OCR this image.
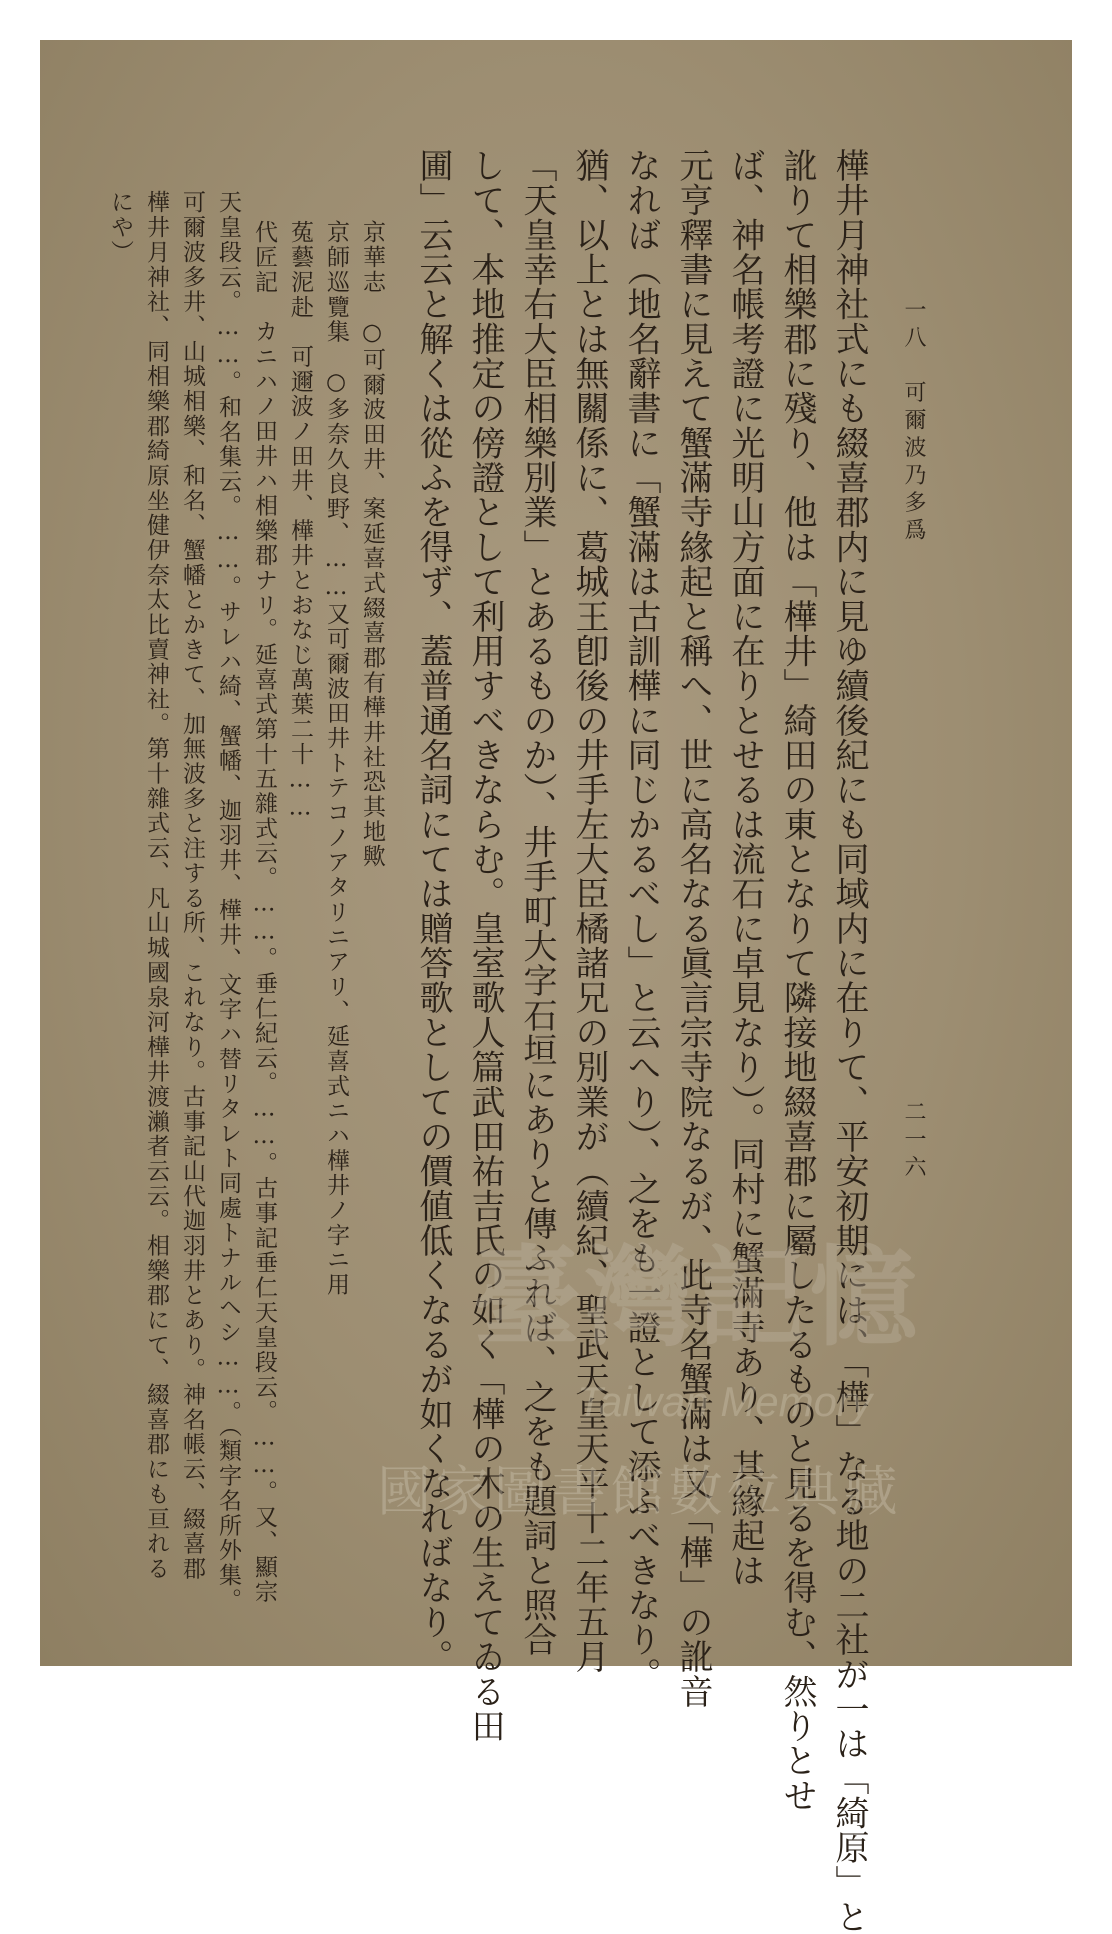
一八　可爾波乃多爲
二一六
樺井月神社式にも綴喜郡内に見ゆ續後紀にも同域内に在りて、平安初期には、「樺」なる地の二社が一は「綺原」と
訛りて相樂郡に殘り、他は「樺井」綺田の東となりて隣接地綴喜郡に屬したるものと見るを得む、然りとせ
ば、神名帳考證に光明山方面に在りとせるは流石に卓見なり）。同村に蟹滿寺あり、其緣起は
元亨釋書に見えて蟹滿寺緣起と稱へ、世に高名なる眞言宗寺院なるが、此寺名蟹滿は又「樺」の訛音
なれば（地名辭書に「蟹滿は古訓樺に同じかるべし」と云へり）、之をも一證として添ふべきなり。
猶、以上とは無關係に、葛城王卽後の井手左大臣橘諸兄の別業が（續紀、聖武天皇天平十二年五月
「天皇幸右大臣相樂別業」とあるものか）、井手町大字石垣にありと傳ふれば、之をも題詞と照合
して、本地推定の傍證として利用すべきならむ。皇室歌人篇武田祐吉氏の如く「樺の木の生えてゐる田
圃」云云と解くは從ふを得ず、蓋普通名詞にては贈答歌としての價値低くなるが如くなればなり。
京華志　○可爾波田井、案延喜式綴喜郡有樺井社恐其地歟
京師巡覽集　○多奈久良野、……又可爾波田井トテコノアタリニアリ、延喜式ニハ樺井ノ字ニ用
菟藝泥赴　可邇波ノ田井、樺井とおなじ萬葉二十……
代匠記　カニハノ田井ハ相樂郡ナリ。延喜式第十五雜式云。……。垂仁紀云。……。古事記垂仁天皇段云。……。又、顯宗
天皇段云。……。和名集云。……。サレハ綺、蟹幡、迦羽井、樺井、文字ハ替リタレト同處トナルヘシ……。（類字名所外集。
可爾波多井、山城相樂、和名、蟹幡とかきて、加無波多と注する所、これなり。古事記山代迦羽井とあり。神名帳云、綴喜郡
樺井月神社、同相樂郡綺原坐健伊奈太比賣神社。第十雜式云、凡山城國泉河樺井渡瀨者云云。相樂郡にて、綴喜郡にも亘れる
にや）
臺灣記憶
Taiwan Memory
國家圖書館數位典藏
